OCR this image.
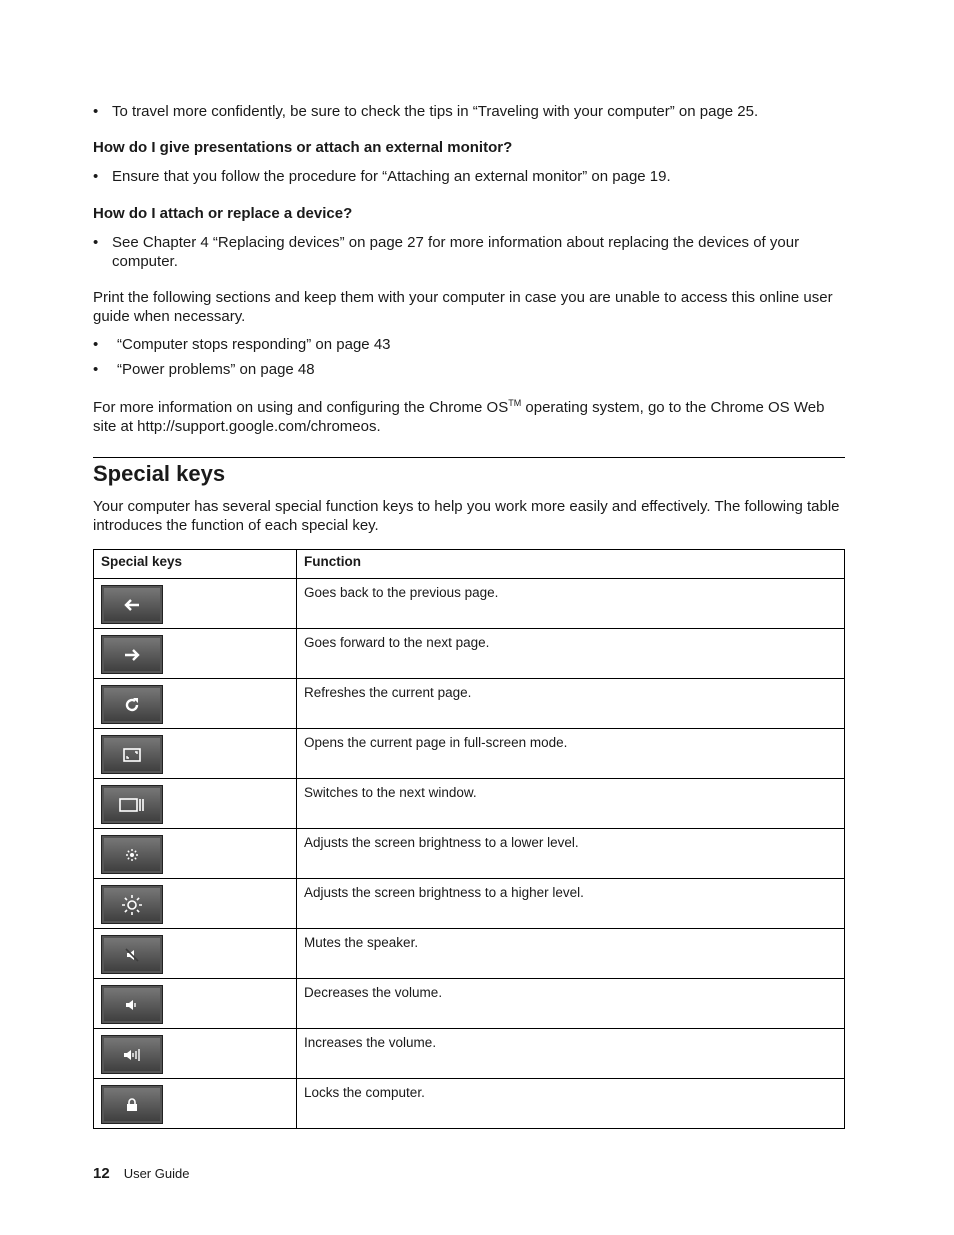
• To travel more confidently, be sure to check the tips in “Traveling with your computer” on page 25.
How do I give presentations or attach an external monitor?
• Ensure that you follow the procedure for “Attaching an external monitor” on page 19.
How do I attach or replace a device?
• See Chapter 4 “Replacing devices” on page 27 for more information about replacing the devices of your computer.
Print the following sections and keep them with your computer in case you are unable to access this online user guide when necessary.
• “Computer stops responding” on page 43
• “Power problems” on page 48
For more information on using and configuring the Chrome OS™ operating system, go to the Chrome OS Web site at http://support.google.com/chromeos.
Special keys
Your computer has several special function keys to help you work more easily and effectively. The following table introduces the function of each special key.
Special keys	Function

	Goes back to the previous page.

	Goes forward to the next page.

	Refreshes the current page.

	Opens the current page in full-screen mode.

	Switches to the next window.

	Adjusts the screen brightness to a lower level.

	Adjusts the screen brightness to a higher level.

	Mutes the speaker.

	Decreases the volume.

	Increases the volume.

	Locks the computer.
12 User Guide
